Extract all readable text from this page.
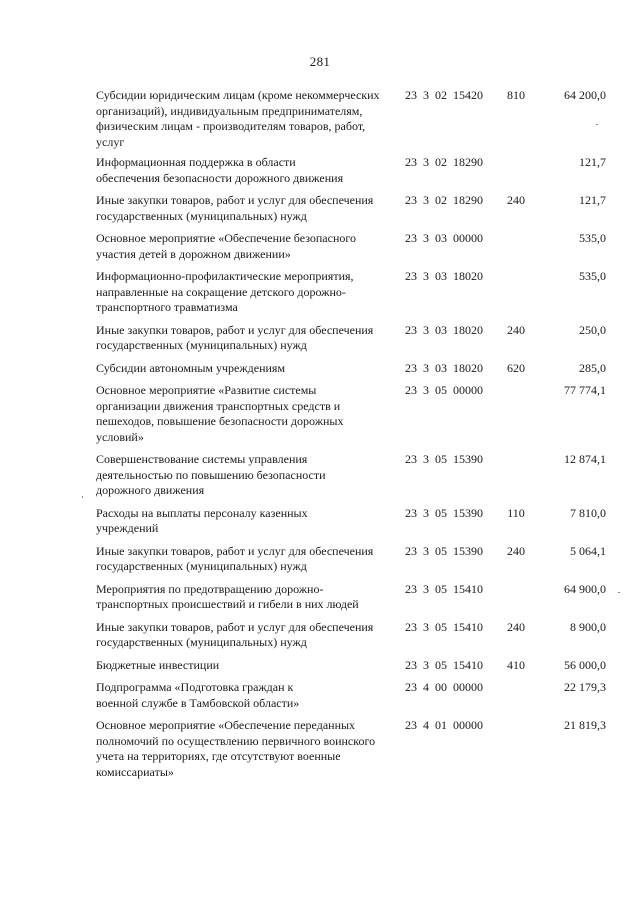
281
Субсидии юридическим лицам (кроме некоммерческих организаций), индивидуальным предпринимателям, физическим лицам - производителям товаров, работ, услуг
23  3  02  15420 810	64 200,0
Информационная поддержка в области обеспечения безопасности дорожного движения
23  3  02  18290	121,7
Иные закупки товаров, работ и услуг для обеспечения государственных (муниципальных) нужд
23  3  02  18290 240	121,7
Основное мероприятие «Обеспечение безопасного участия детей в дорожном движении»
23  3  03  00000	535,0
Информационно-профилактические мероприятия, направленные на сокращение детского дорожно-транспортного травматизма
23  3  03  18020	535,0
Иные закупки товаров, работ и услуг для обеспечения государственных (муниципальных) нужд
23  3  03  18020 240	250,0
Субсидии автономным учреждениям	23  3  03  18020 620	285,0
Основное мероприятие «Развитие системы организации движения транспортных средств и пешеходов, повышение безопасности дорожных условий»
23  3  05  00000	77 774,1
Совершенствование системы управления деятельностью по повышению безопасности дорожного движения
23  3  05  15390	12 874,1
Расходы на выплаты персоналу казенных учреждений
23  3  05  15390 110	7 810,0
Иные закупки товаров, работ и услуг для обеспечения государственных (муниципальных) нужд
23  3  05  15390 240	5 064,1
Мероприятия по предотвращению дорожно-транспортных происшествий и гибели в них людей
23  3  05  15410	64 900,0
Иные закупки товаров, работ и услуг для обеспечения государственных (муниципальных) нужд
23  3  05  15410 240	8 900,0
Бюджетные инвестиции	23  3  05  15410 410	56 000,0
Подпрограмма «Подготовка граждан к военной службе в Тамбовской области»
23  4  00  00000	22 179,3
Основное мероприятие «Обеспечение переданных полномочий по осуществлению первичного воинского учета на территориях, где отсутствуют военные комиссариаты»
23  4  01  00000	21 819,3
